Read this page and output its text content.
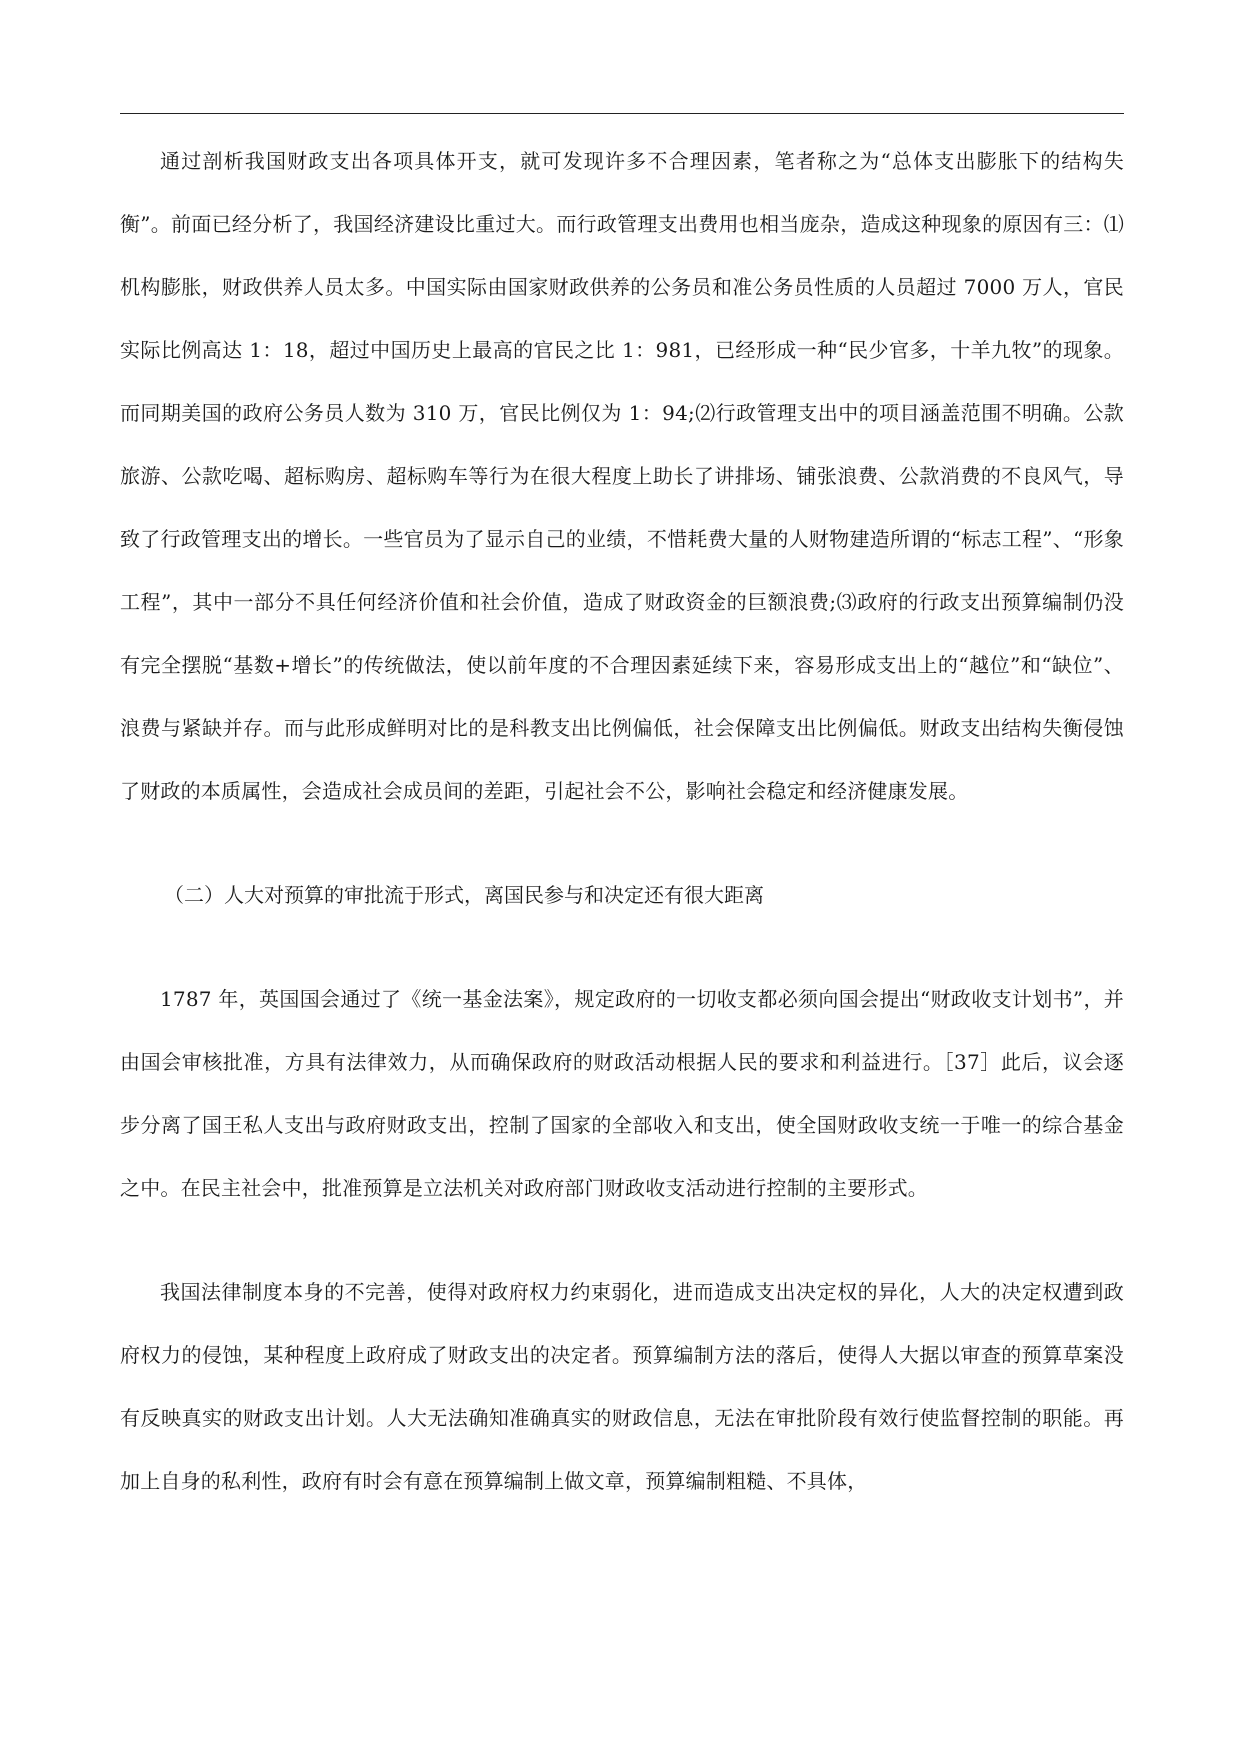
通过剖析我国财政支出各项具体开支，就可发现许多不合理因素，笔者称之为“总体支出膨胀下的结构失衡”。前面已经分析了，我国经济建设比重过大。而行政管理支出费用也相当庞杂，造成这种现象的原因有三：⑴机构膨胀，财政供养人员太多。中国实际由国家财政供养的公务员和准公务员性质的人员超过 7000 万人，官民实际比例高达 1：18，超过中国历史上最高的官民之比 1：981，已经形成一种“民少官多，十羊九牧”的现象。而同期美国的政府公务员人数为 310 万，官民比例仅为 1：94;⑵行政管理支出中的项目涵盖范围不明确。公款旅游、公款吃喝、超标购房、超标购车等行为在很大程度上助长了讲排场、铺张浪费、公款消费的不良风气，导致了行政管理支出的增长。一些官员为了显示自己的业绩，不惜耗费大量的人财物建造所谓的“标志工程”、“形象工程”，其中一部分不具任何经济价值和社会价值，造成了财政资金的巨额浪费;⑶政府的行政支出预算编制仍没有完全摆脱“基数+增长”的传统做法，使以前年度的不合理因素延续下来，容易形成支出上的“越位”和“缺位”、浪费与紧缺并存。而与此形成鲜明对比的是科教支出比例偏低，社会保障支出比例偏低。财政支出结构失衡侵蚀了财政的本质属性，会造成社会成员间的差距，引起社会不公，影响社会稳定和经济健康发展。

（二）人大对预算的审批流于形式，离国民参与和决定还有很大距离

1787 年，英国国会通过了《统一基金法案》，规定政府的一切收支都必须向国会提出“财政收支计划书”，并由国会审核批准，方具有法律效力，从而确保政府的财政活动根据人民的要求和利益进行。［37］此后，议会逐步分离了国王私人支出与政府财政支出，控制了国家的全部收入和支出，使全国财政收支统一于唯一的综合基金之中。在民主社会中，批准预算是立法机关对政府部门财政收支活动进行控制的主要形式。

我国法律制度本身的不完善，使得对政府权力约束弱化，进而造成支出决定权的异化，人大的决定权遭到政府权力的侵蚀，某种程度上政府成了财政支出的决定者。预算编制方法的落后，使得人大据以审查的预算草案没有反映真实的财政支出计划。人大无法确知准确真实的财政信息，无法在审批阶段有效行使监督控制的职能。再加上自身的私利性，政府有时会有意在预算编制上做文章，预算编制粗糙、不具体，
